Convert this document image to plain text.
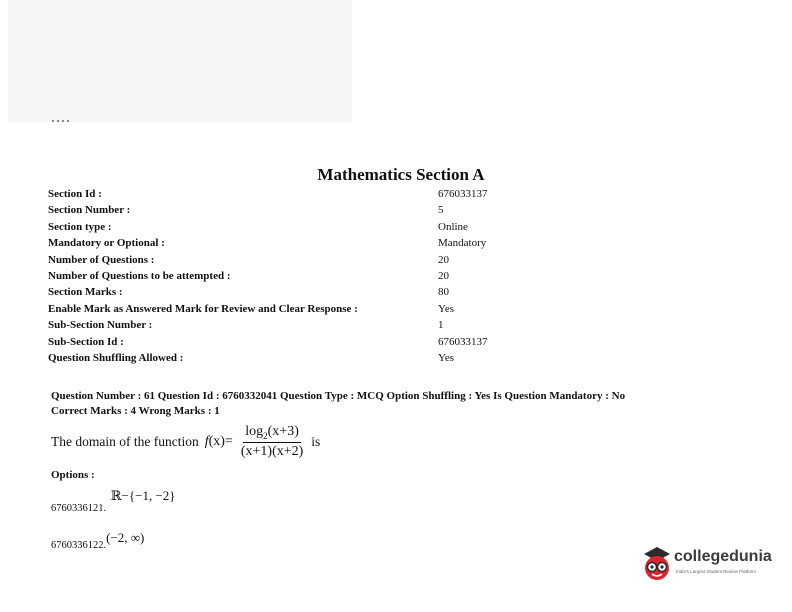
Mathematics Section A
Section Id :	676033137
Section Number :	5
Section type :	Online
Mandatory or Optional :	Mandatory
Number of Questions :	20
Number of Questions to be attempted :	20
Section Marks :	80
Enable Mark as Answered Mark for Review and Clear Response :	Yes
Sub-Section Number :	1
Sub-Section Id :	676033137
Question Shuffling Allowed :	Yes
Question Number : 61 Question Id : 6760332041 Question Type : MCQ Option Shuffling : Yes Is Question Mandatory : No
Correct Marks : 4 Wrong Marks : 1
The domain of the function f $(x)= \frac{\log_2(x+3)}{(x+1)(x+2)}$ is
Options :
6760336121. ℝ−{−1, −2}
6760336122.(−2, ∞)
collegedunia
India's Largest Student Review Platform
